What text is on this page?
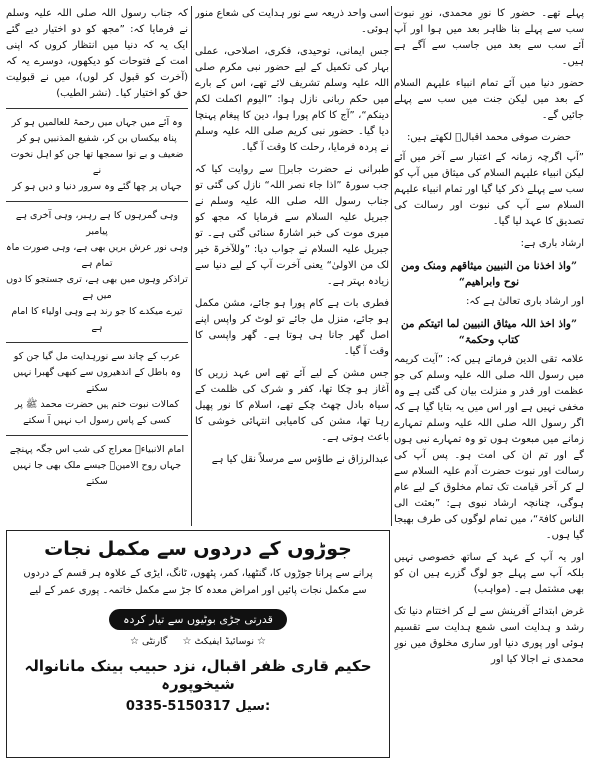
پہلے تھے۔ حضور کا نورِ محمدی، نورِ نبوت سب سے پہلے بنا ظاہر بعد میں ہوا اور آپ آئے سب سے بعد میں جاسب سے آگے ہے ہیں۔

حضور دنیا میں آئے تمام انبیاء علیہم السلام کے بعد میں لیکن جنت میں سب سے پہلے جائیں گے۔

حضرت صوفی محمد اقبالؒ لکھتے ہیں:

”آپ اگرچہ زمانہ کے اعتبار سے آخر میں آئے لیکن انبیاء علیہم السلام کی میثاق میں آپ کو سب سے پہلے ذکر کیا گیا اور تمام انبیاء علیہم السلام سے آپ کی نبوت اور رسالت کی تصدیق کا عہد لیا گیا۔

ارشاد باری ہے:

”واذ اخذنا من النبیین میثاقھم ومنک ومن نوح وابراھیم“

اور ارشاد باری تعالیٰ ہے کہ:

”واذ اخذ اللہ میثاق النبیین لما اتیتکم من کتاب وحکمۃ“

علامہ تقی الدین فرماتے ہیں کہ: ”آیت کریمہ میں رسول اللہ صلی اللہ علیہ وسلم کی جو عظمت اور قدر و منزلت بیان کی گئی ہے وہ مخفی نہیں ہے اور اس میں یہ بتایا گیا ہے کہ اگر رسول اللہ صلی اللہ علیہ وسلم تمہارے زمانے میں مبعوث ہوں تو وہ تمہارے نبی ہوں گے اور تم ان کی امت ہو۔ پس آپ کی رسالت اور نبوت حضرت آدم علیہ السلام سے لے کر آخر قیامت تک تمام مخلوق کے لیے عام ہوگی، چنانچہ ارشاد نبوی ہے: ”بعثت الی الناس کافۃ“، میں تمام لوگوں کی طرف بھیجا گیا ہوں۔

اور یہ آپ کے عہد کے ساتھ خصوصی نہیں بلکہ آپ سے پہلے جو لوگ گزرے ہیں ان کو بھی مشتمل ہے۔ (مواہب)

غرض ابتدائے آفرینش سے لے کر اختتام دنیا تک رشد و ہدایت اسی شمع ہدایت سے تقسیم ہوئی اور پوری دنیا اور ساری مخلوق میں نورِ محمدی نے اجالا کیا اور

اسی واحد ذریعہ سے نور ہدایت کی شعاع منور ہوئی۔

جس ایمانی، توحیدی، فکری، اصلاحی، عملی بہار کی تکمیل کے لیے حضور نبی مکرم صلی اللہ علیہ وسلم تشریف لائے تھے، اس کے بارے میں حکم ربانی نازل ہوا: ”الیوم اکملت لکم دینکم“، ”آج کا کام پورا ہوا، دین کا پیغام پہنچا دیا گیا۔ حضور نبی کریم صلی اللہ علیہ وسلم نے پردہ فرمایا، رحلت کا وقت آ گیا۔

طبرانی نے حضرت جابرؓ سے روایت کیا کہ جب سورۃ ”اذا جاء نصر اللہ“ نازل کی گئی تو جناب رسول اللہ صلی اللہ علیہ وسلم نے جبریل علیہ السلام سے فرمایا کہ مجھ کو میری موت کی خبر اشارۃً سنائی گئی ہے۔ تو جبریل علیہ السلام نے جواب دیا: ”وللآخرۃ خیر لک من الاولیٰ“ یعنی آخرت آپ کے لیے دنیا سے زیادہ بہتر ہے۔

فطری بات ہے کام پورا ہو جائے، مشن مکمل ہو جائے، منزل مل جائے تو لوٹ کر واپس اپنے اصل گھر جانا ہی ہوتا ہے۔ گھر واپسی کا وقت آ گیا۔

جس مشن کے لیے آئے تھے اس عہد زریں کا آغاز ہو چکا تھا، کفر و شرک کی ظلمت کے سیاہ بادل چھٹ چکے تھے، اسلام کا نور پھیل رہا تھا، مشن کی کامیابی انتہائی خوشی کا باعث ہوتی ہے۔

عبدالرزاق نے طاؤس سے مرسلاً نقل کیا ہے

کہ جناب رسول اللہ صلی اللہ علیہ وسلم نے فرمایا کہ: ”مجھ کو دو اختیار دیے گئے ایک یہ کہ دنیا میں انتظار کروں کہ اپنی امت کے فتوحات کو دیکھوں، دوسرے یہ کہ (آخرت کو قبول کر لوں)، میں نے قبولیت حق کو اختیار کیا۔ (نشر الطیب)

وہ آئے میں جہاں میں رحمۃ للعالمیں ہو کر

پناہ بیکساں بن کر، شفیع المذنبیں ہو کر

ضعیف و بے نوا سمجھا تھا جن کو اہل نخوت نے

جہاں پر چھا گئے وہ سرور دنیا و دیں ہو کر

وہی گمرہوں کا ہے رہبر، وہی آخری ہے پیامبر

وہی نور عرش بریں بھی ہے، وہی صورت ماہ تمام ہے

تراذکر وہوں میں بھی ہے، تری جستجو کا دوں میں ہے

تیرے میکدے کا جو رند ہے وہی اولیاء کا امام ہے

عرب کے چاند سے نورہدایت مل گیا جن کو

وہ باطل کے اندھیروں سے کبھی گھبرا نہیں سکتے

کمالات نبوت ختم ہیں حضرت محمد ﷺ پر

کسی کے پاس رسول اب نہیں آ سکتے

امام الانبیاءؐ معراج کی شب اس جگہ پہنچے

جہاں روح الامینؑ جیسے ملک بھی جا نہیں سکتے

جوڑوں کے دردوں سے مکمل نجات
پرانے سے پرانا جوڑوں کا، گنٹھیا، کمر، پٹھوں، ٹانگ، ایڑی کے علاوہ ہر قسم کے دردوں سے مکمل نجات پائیں اور امراض معدہ کا جڑ سے مکمل خاتمہ۔ پوری عمر کے لیے
قدرتی جڑی بوٹیوں سے تیار کردہ
☆ نوسائیڈ ایفیکٹ ☆     گارنٹی ☆
حکیم قاری ظفر اقبال، نزد حبیب بینک مانانوالہ شیخوپورہ
0335-5150317 سیل:
